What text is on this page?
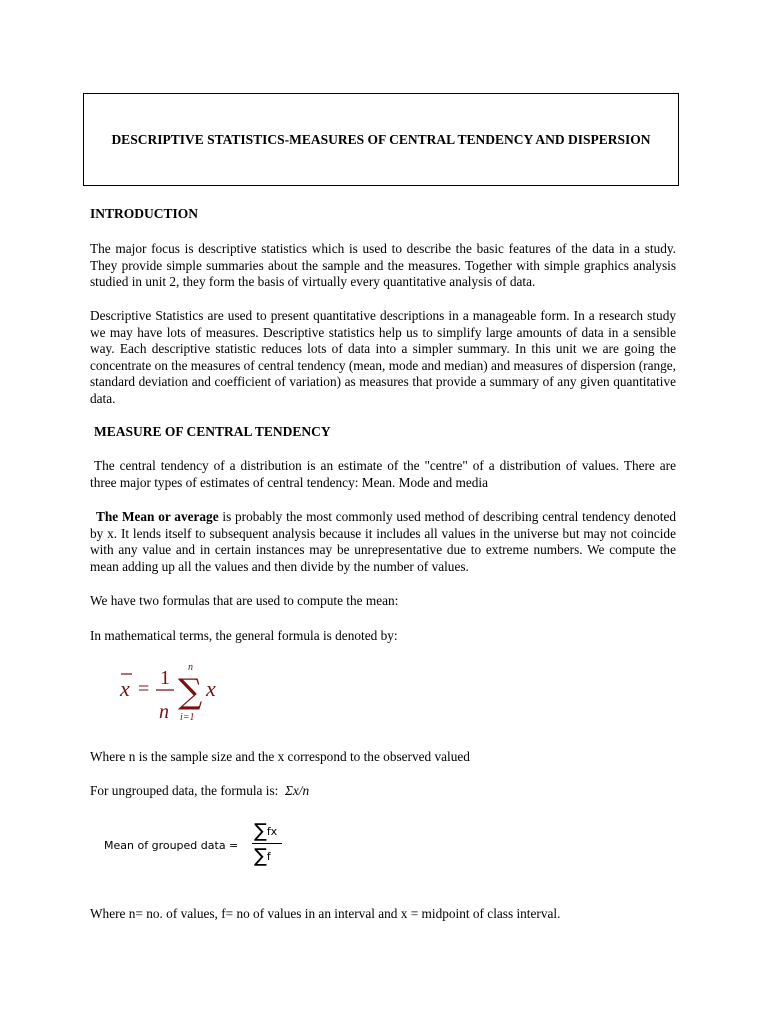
DESCRIPTIVE STATISTICS-MEASURES OF CENTRAL TENDENCY AND DISPERSION

INTRODUCTION

The major focus is descriptive statistics which is used to describe the basic features of the data in a study. They provide simple summaries about the sample and the measures. Together with simple graphics analysis studied in unit 2, they form the basis of virtually every quantitative analysis of data.

Descriptive Statistics are used to present quantitative descriptions in a manageable form. In a research study we may have lots of measures. Descriptive statistics help us to simplify large amounts of data in a sensible way. Each descriptive statistic reduces lots of data into a simpler summary. In this unit we are going the concentrate on the measures of central tendency (mean, mode and median) and measures of dispersion (range, standard deviation and coefficient of variation) as measures that provide a summary of any given quantitative data.

MEASURE OF CENTRAL TENDENCY

The central tendency of a distribution is an estimate of the "centre" of a distribution of values. There are three major types of estimates of central tendency: Mean. Mode and media

The Mean or average is probably the most commonly used method of describing central tendency denoted by x. It lends itself to subsequent analysis because it includes all values in the universe but may not coincide with any value and in certain instances may be unrepresentative due to extreme numbers. We compute the mean adding up all the values and then divide by the number of values.

We have two formulas that are used to compute the mean:

In mathematical terms, the general formula is denoted by:

x = 1
n
n
∑
i=1
x

Where n is the sample size and the x correspond to the observed valued

For ungrouped data, the formula is: Σx/n

Mean of grouped data =
∑fx
∑f

Where n= no. of values, f= no of values in an interval and x = midpoint of class interval.
